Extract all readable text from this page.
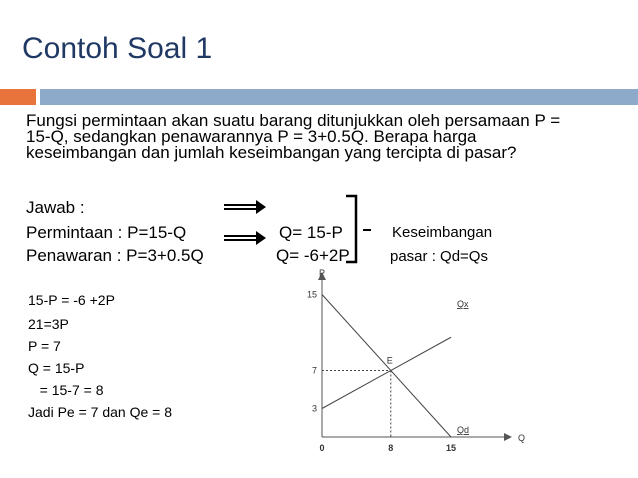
Contoh Soal 1
Fungsi permintaan akan suatu barang ditunjukkan oleh persamaan P = 15-Q, sedangkan penawarannya P = 3+0.5Q. Berapa harga keseimbangan dan jumlah keseimbangan yang tercipta di pasar?
Jawab :
Permintaan : P=15-Q	Q= 15-P
Penawaran : P=3+0.5Q	Q= -6+2P
Keseimbangan
pasar : Qd=Qs
15-P = -6 +2P
21=3P
P = 7
Q = 15-P
= 15-7 = 8
Jadi Pe = 7 dan Qe = 8
P
Q
15
7
3
0	8	15
Qx
Qd
E
